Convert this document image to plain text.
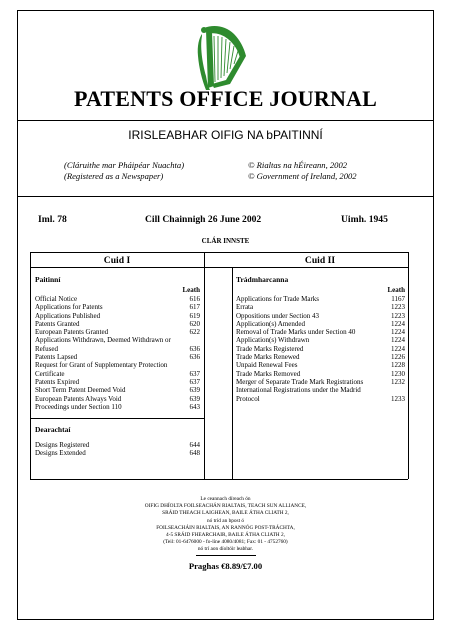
PATENTS OFFICE JOURNAL
IRISLEABHAR OIFIG NA bPAITINNÍ
(Cláruithe mar Pháipéar Nuachta)
(Registered as a Newspaper)
© Rialtas na hÉireann, 2002
© Government of Ireland, 2002
Iml. 78	Cill Chainnigh 26 June 2002	Uimh. 1945
CLÁR INNSTE
Cuid I	Cuid II
Paitinní
Leath
Official Notice	616
Applications for Patents	617
Applications Published	619
Patents Granted	620
European Patents Granted	622
Applications Withdrawn, Deemed Withdrawn or
Refused	636
Patents Lapsed	636
Request for Grant of Supplementary Protection
Certificate	637
Patents Expired	637
Short Term Patent Deemed Void	639
European Patents Always Void	639
Proceedings under Section 110	643
Dearachtaí
Designs Registered	644
Designs Extended	648
Trádmharcanna
Leath
Applications for Trade Marks	1167
Errata	1223
Oppositions under Section 43	1223
Application(s) Amended	1224
Removal of Trade Marks under Section 40	1224
Application(s) Withdrawn	1224
Trade Marks Registered	1224
Trade Marks Renewed	1226
Unpaid Renewal Fees	1228
Trade Marks Removed	1230
Merger of Separate Trade Mark Registrations	1232
International Registrations under the Madrid
Protocol	1233
Le ceannach díreach ón
OIFIG DHÍOLTA FOILSEACHÁN RIALTAIS, TEACH SUN ALLIANCE,
SRÁID THEACH LAIGHEAN, BAILE ÁTHA CLIATH 2,
nó tríd an bpost ó
FOILSEACHÁIN RIALTAIS, AN RANNÓG POST-TRÁCHTA,
4-5 SRÁID FHEARCHAIR, BAILE ÁTHA CLIATH 2,
(Teil: 01-6476000 - fo-líne 4080/4081; Fax: 01 - 4752760)
nó trí aon díoltóir leabhar.
Praghas €8.89/£7.00
